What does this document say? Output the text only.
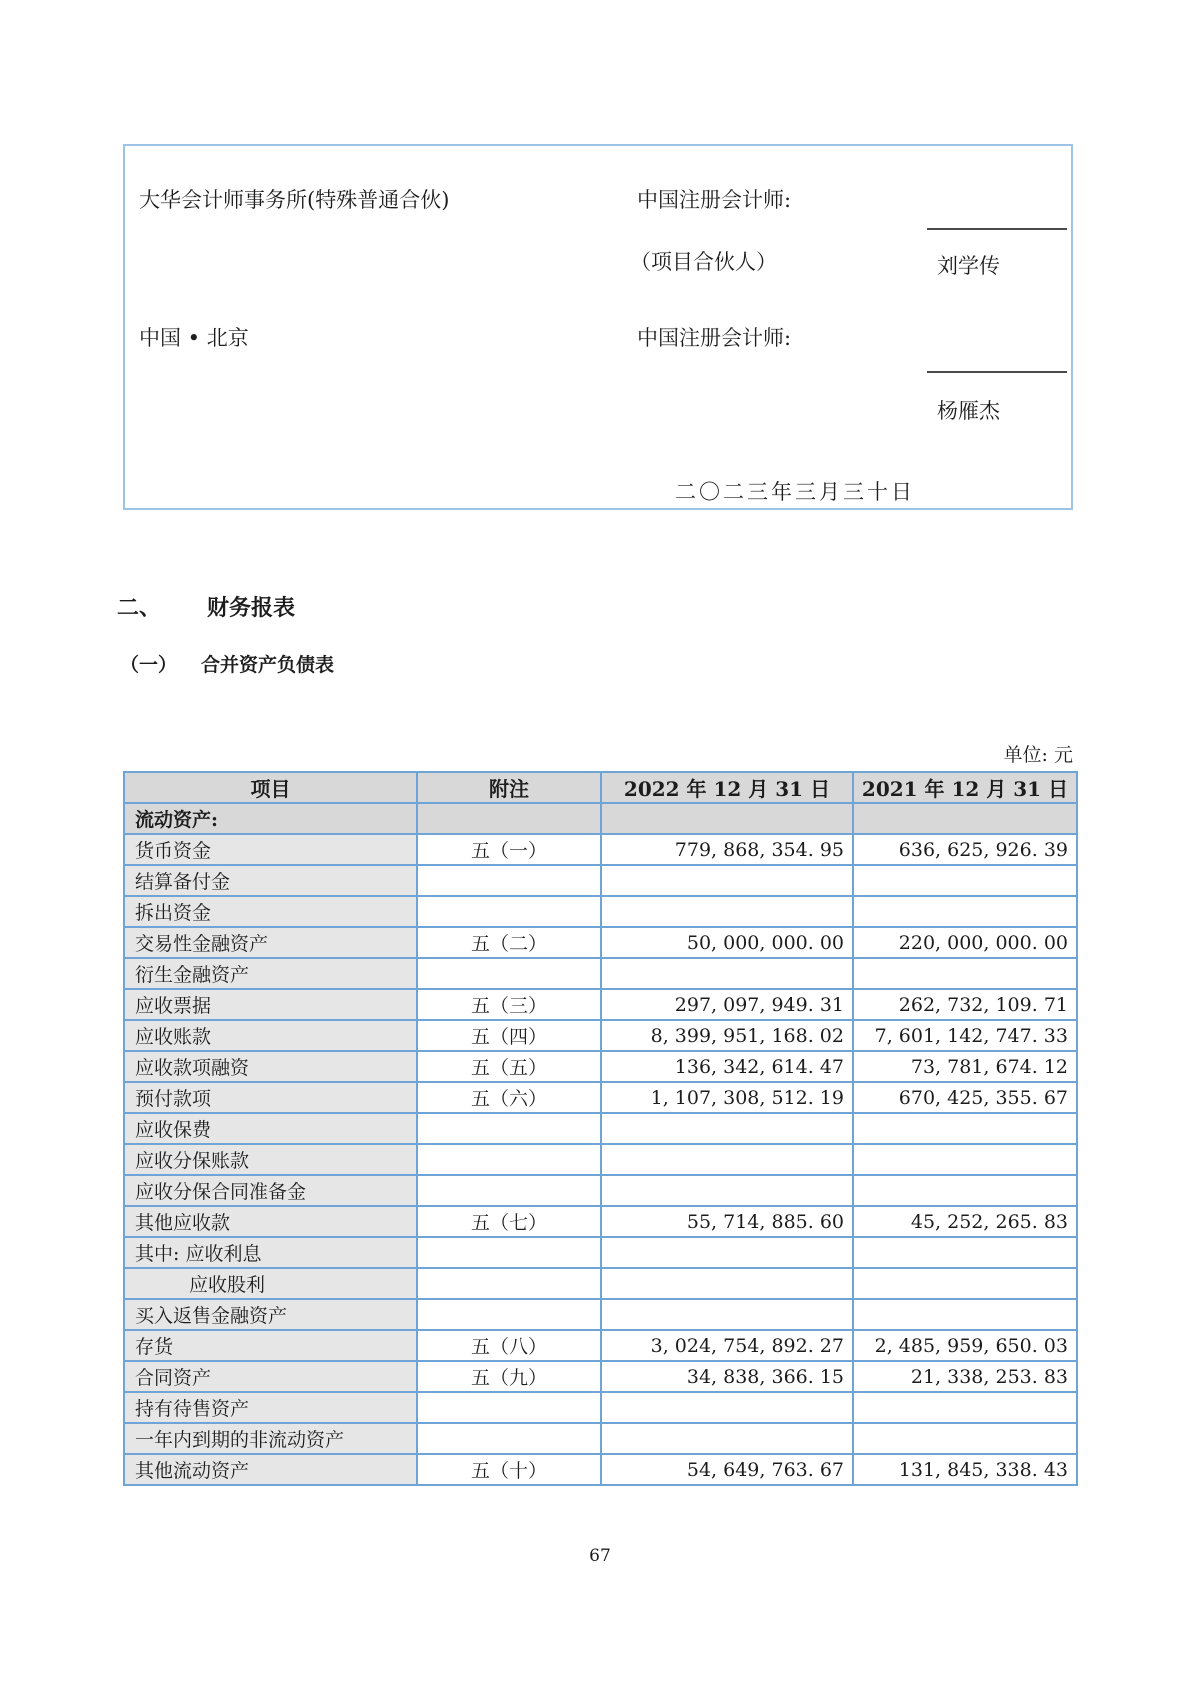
大华会计师事务所(特殊普通合伙)	中国注册会计师:
（项目合伙人）	刘学传
中国 • 北京	中国注册会计师:
杨雁杰
二〇二三年三月三十日
二、 财务报表
（一） 合并资产负债表
单位: 元
项目	附注	2022 年 12 月 31 日	2021 年 12 月 31 日
流动资产:			
货币资金	五（一）	779, 868, 354. 95	636, 625, 926. 39
结算备付金			
拆出资金			
交易性金融资产	五（二）	50, 000, 000. 00	220, 000, 000. 00
衍生金融资产			
应收票据	五（三）	297, 097, 949. 31	262, 732, 109. 71
应收账款	五（四）	8, 399, 951, 168. 02	7, 601, 142, 747. 33
应收款项融资	五（五）	136, 342, 614. 47	73, 781, 674. 12
预付款项	五（六）	1, 107, 308, 512. 19	670, 425, 355. 67
应收保费			
应收分保账款			
应收分保合同准备金			
其他应收款	五（七）	55, 714, 885. 60	45, 252, 265. 83
其中: 应收利息			
应收股利			
买入返售金融资产			
存货	五（八）	3, 024, 754, 892. 27	2, 485, 959, 650. 03
合同资产	五（九）	34, 838, 366. 15	21, 338, 253. 83
持有待售资产			
一年内到期的非流动资产			
其他流动资产	五（十）	54, 649, 763. 67	131, 845, 338. 43
67
